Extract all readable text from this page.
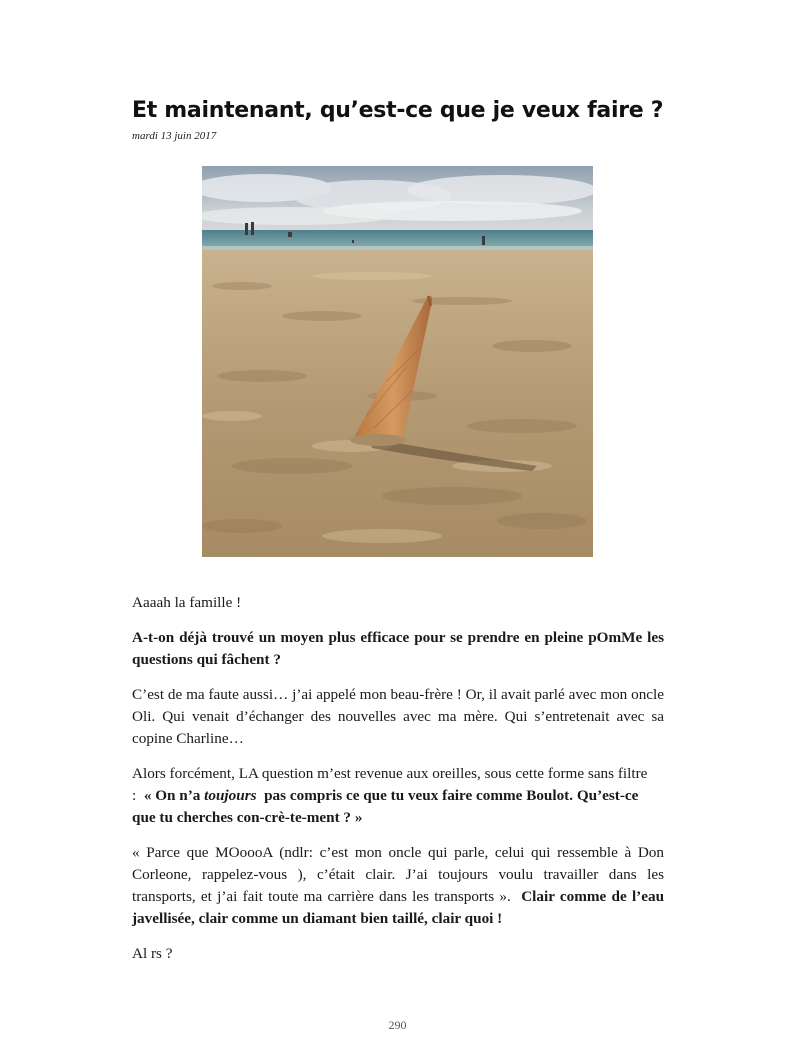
Et maintenant, qu’est-ce que je veux faire ?
mardi 13 juin 2017

Aaaah la famille !

A-t-on déjà trouvé un moyen plus efficace pour se prendre en pleine pOmMe les questions qui fâchent ?

C’est de ma faute aussi… j’ai appelé mon beau-frère ! Or, il avait parlé avec mon oncle Oli. Qui venait d’échanger des nouvelles avec ma mère. Qui s’entretenait avec sa copine Charline…

Alors forcément, LA question m’est revenue aux oreilles, sous cette forme sans filtre : « On n’a toujours pas compris ce que tu veux faire comme Boulot. Qu’est-ce que tu cherches con-crè-te-ment ? »

« Parce que MOoooA (ndlr: c’est mon oncle qui parle, celui qui ressemble à Don Corleone, rappelez-vous ), c’était clair. J’ai toujours voulu travailler dans les transports, et j’ai fait toute ma carrière dans les transports ». Clair comme de l’eau javellisée, clair comme un diamant bien taillé, clair quoi !

Al rs ?

290
